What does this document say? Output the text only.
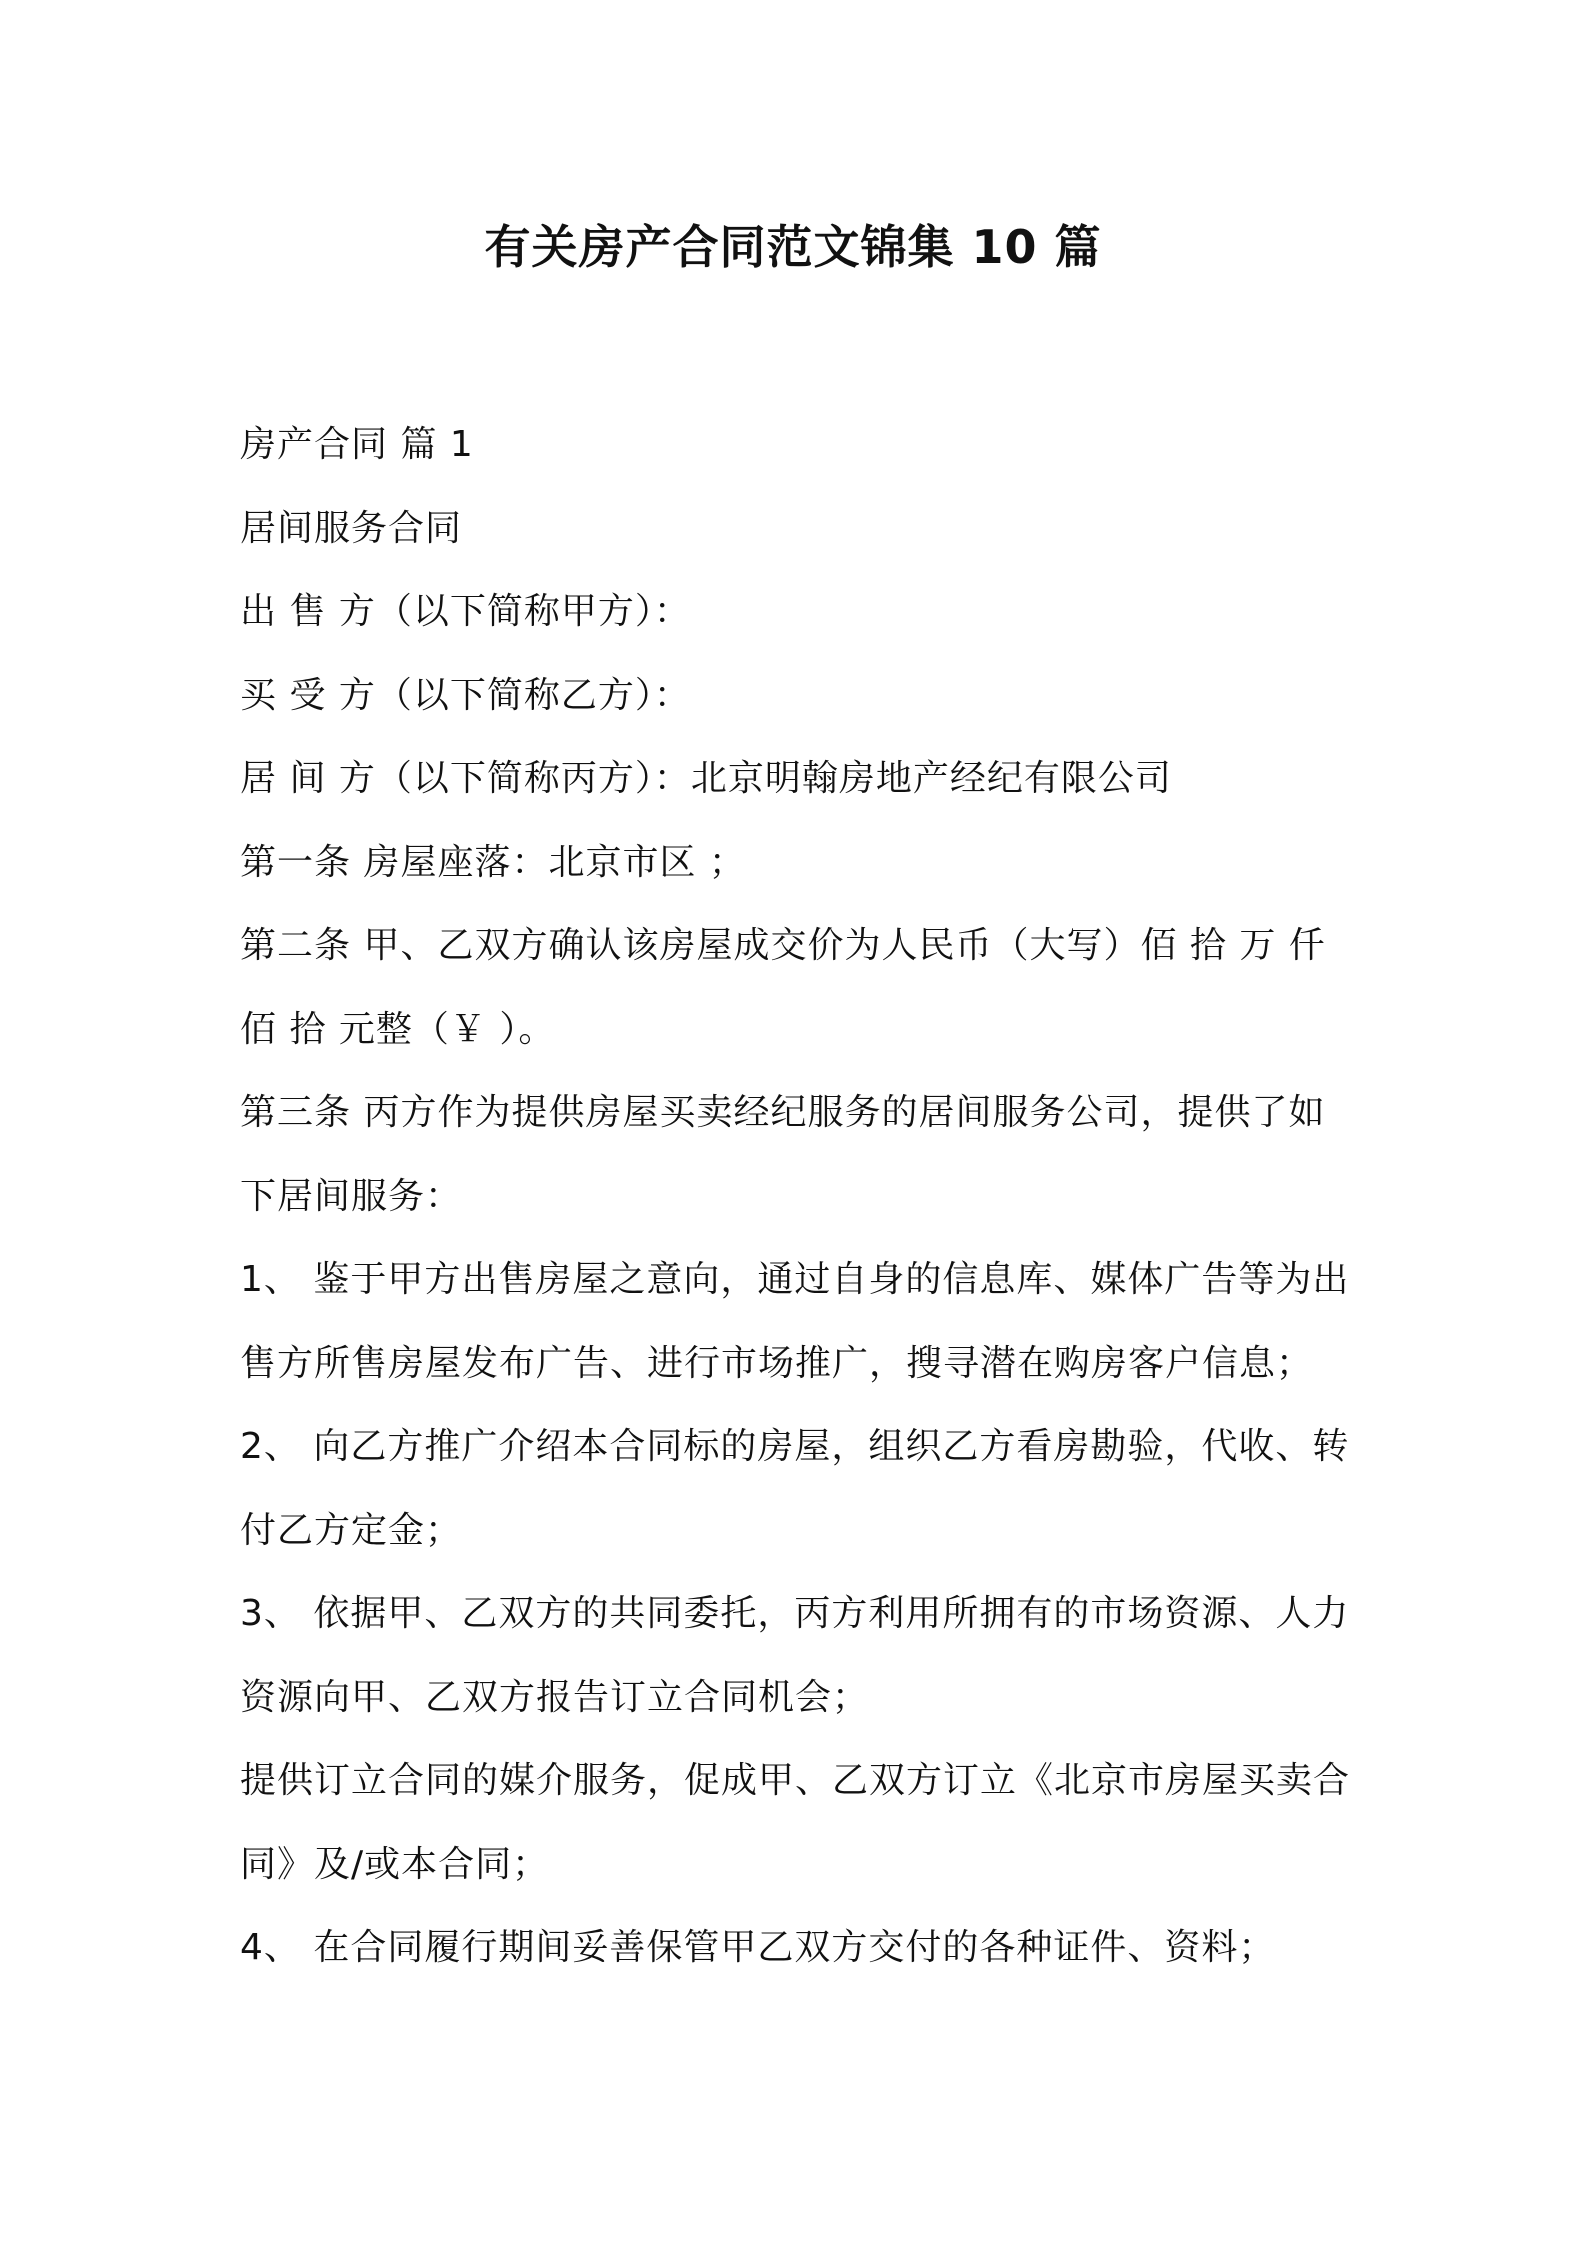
有关房产合同范文锦集 10 篇
房产合同 篇 1
居间服务合同
出 售 方（以下简称甲方）：
买 受 方（以下简称乙方）：
居 间 方（以下简称丙方）：北京明翰房地产经纪有限公司
第一条 房屋座落：北京市区 ；
第二条 甲、乙双方确认该房屋成交价为人民币（大写）佰 拾 万 仟
佰 拾 元整（￥ ）。
第三条 丙方作为提供房屋买卖经纪服务的居间服务公司，提供了如
下居间服务：
1、 鉴于甲方出售房屋之意向，通过自身的信息库、媒体广告等为出
售方所售房屋发布广告、进行市场推广，搜寻潜在购房客户信息；
2、 向乙方推广介绍本合同标的房屋，组织乙方看房勘验，代收、转
付乙方定金；
3、 依据甲、乙双方的共同委托，丙方利用所拥有的市场资源、人力
资源向甲、乙双方报告订立合同机会；
提供订立合同的媒介服务，促成甲、乙双方订立《北京市房屋买卖合
同》及/或本合同；
4、 在合同履行期间妥善保管甲乙双方交付的各种证件、资料；
